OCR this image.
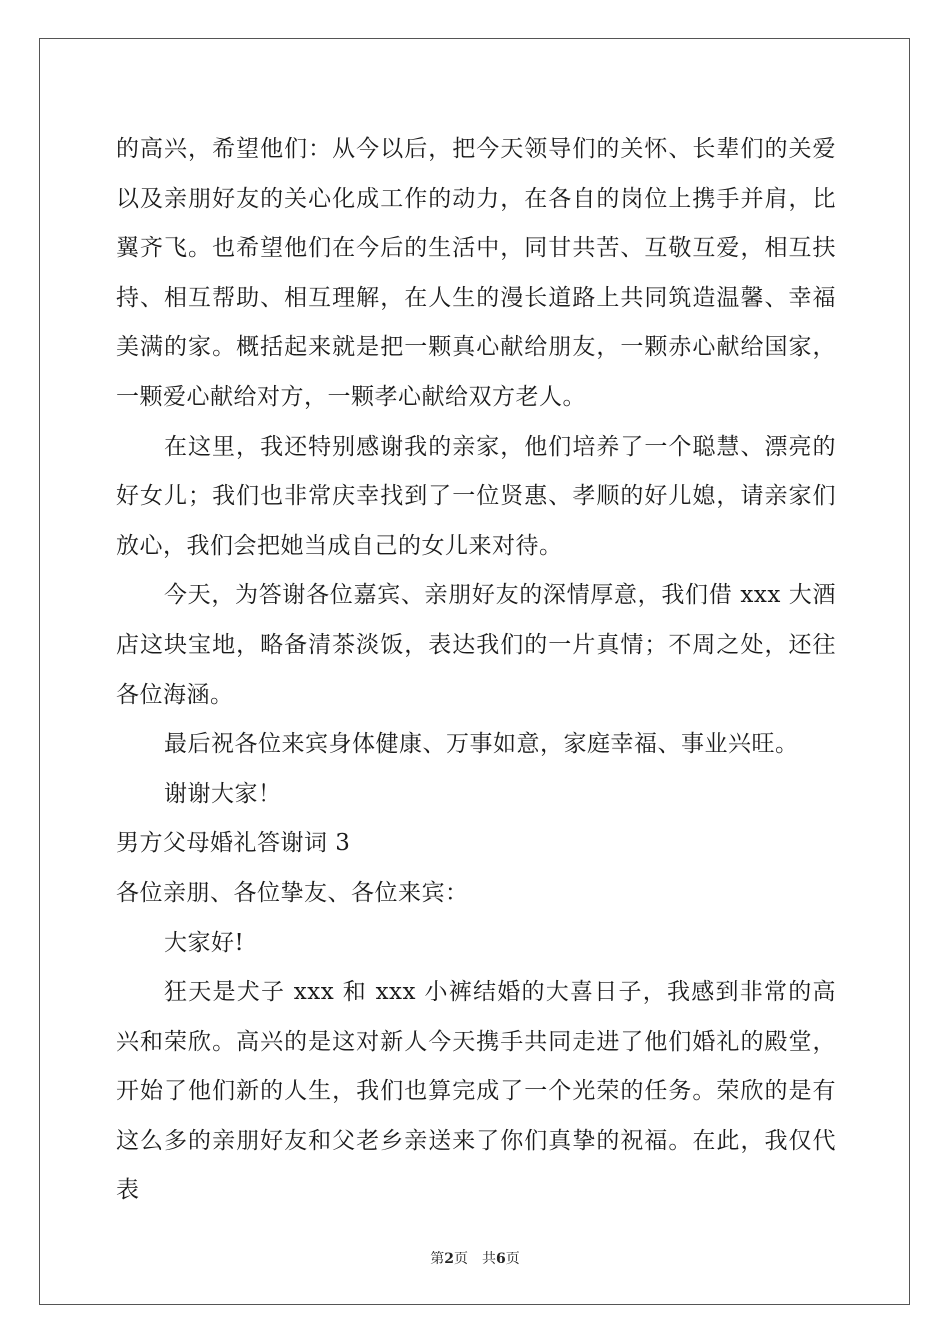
的高兴，希望他们：从今以后，把今天领导们的关怀、长辈们的关爱以及亲朋好友的关心化成工作的动力，在各自的岗位上携手并肩，比翼齐飞。也希望他们在今后的生活中，同甘共苦、互敬互爱，相互扶持、相互帮助、相互理解，在人生的漫长道路上共同筑造温馨、幸福美满的家。概括起来就是把一颗真心献给朋友，一颗赤心献给国家，一颗爱心献给对方，一颗孝心献给双方老人。

在这里，我还特别感谢我的亲家，他们培养了一个聪慧、漂亮的好女儿；我们也非常庆幸找到了一位贤惠、孝顺的好儿媳，请亲家们放心，我们会把她当成自己的女儿来对待。

今天，为答谢各位嘉宾、亲朋好友的深情厚意，我们借 xxx 大酒店这块宝地，略备清茶淡饭，表达我们的一片真情；不周之处，还往各位海涵。

最后祝各位来宾身体健康、万事如意，家庭幸福、事业兴旺。

谢谢大家！

男方父母婚礼答谢词 3

各位亲朋、各位挚友、各位来宾：

大家好!

狂天是犬子 xxx 和 xxx 小裤结婚的大喜日子，我感到非常的高兴和荣欣。高兴的是这对新人今天携手共同走进了他们婚礼的殿堂，开始了他们新的人生，我们也算完成了一个光荣的任务。荣欣的是有这么多的亲朋好友和父老乡亲送来了你们真挚的祝福。在此，我仅代表

第2页 共6页
